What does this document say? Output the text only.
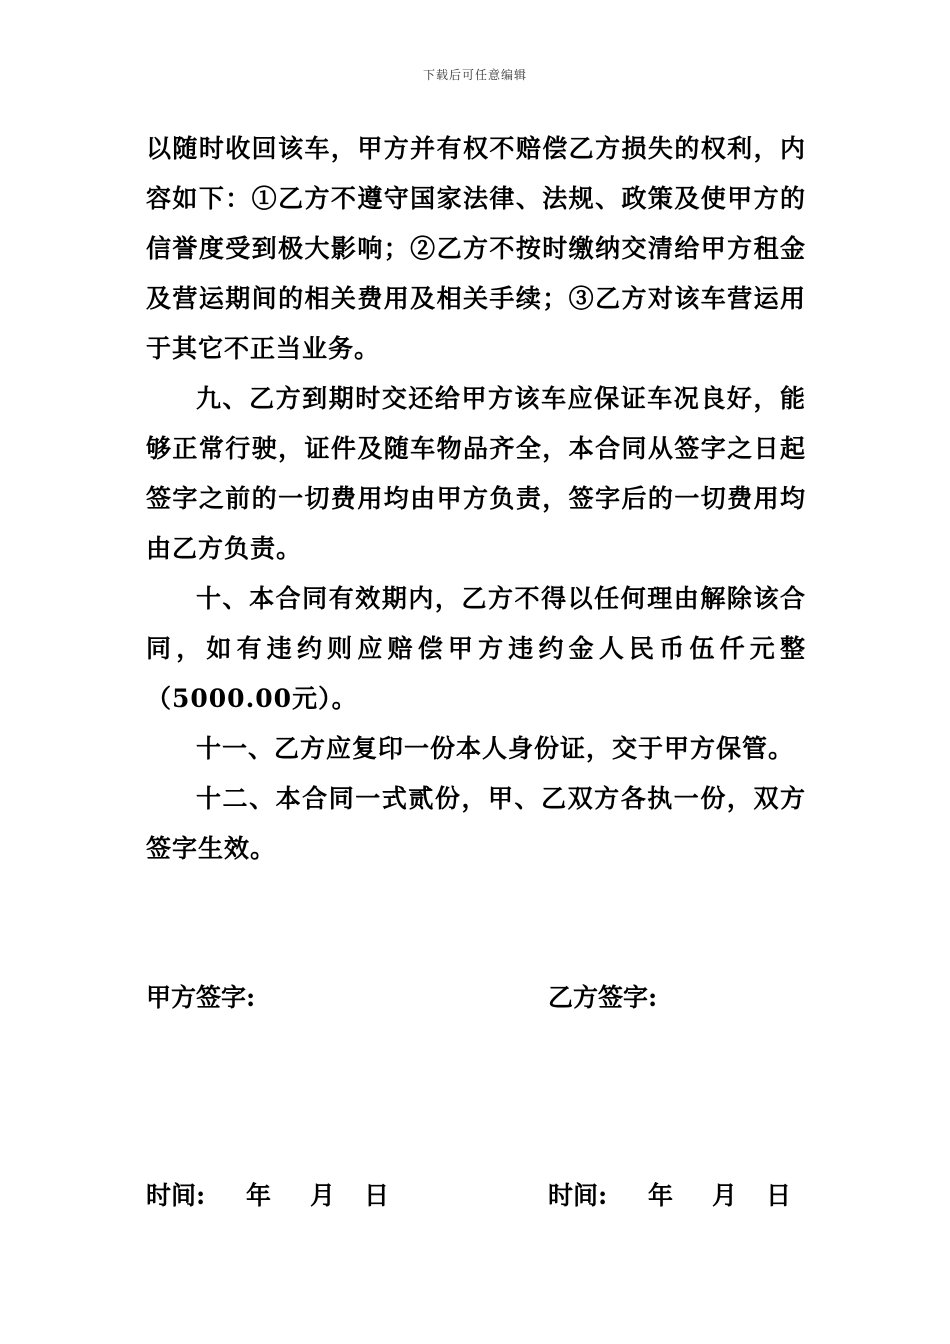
下载后可任意编辑

以随时收回该车，甲方并有权不赔偿乙方损失的权利，内容如下：①乙方不遵守国家法律、法规、政策及使甲方的信誉度受到极大影响；②乙方不按时缴纳交清给甲方租金及营运期间的相关费用及相关手续；③乙方对该车营运用于其它不正当业务。

九、乙方到期时交还给甲方该车应保证车况良好，能够正常行驶，证件及随车物品齐全，本合同从签字之日起签字之前的一切费用均由甲方负责，签字后的一切费用均由乙方负责。

十、本合同有效期内，乙方不得以任何理由解除该合同，如有违约则应赔偿甲方违约金人民币伍仟元整（5000.00元）。

十一、乙方应复印一份本人身份证，交于甲方保管。

十二、本合同一式贰份，甲、乙双方各执一份，双方签字生效。

甲方签字:	乙方签字:
时间:	年	月	日	时间:	年	月	日
